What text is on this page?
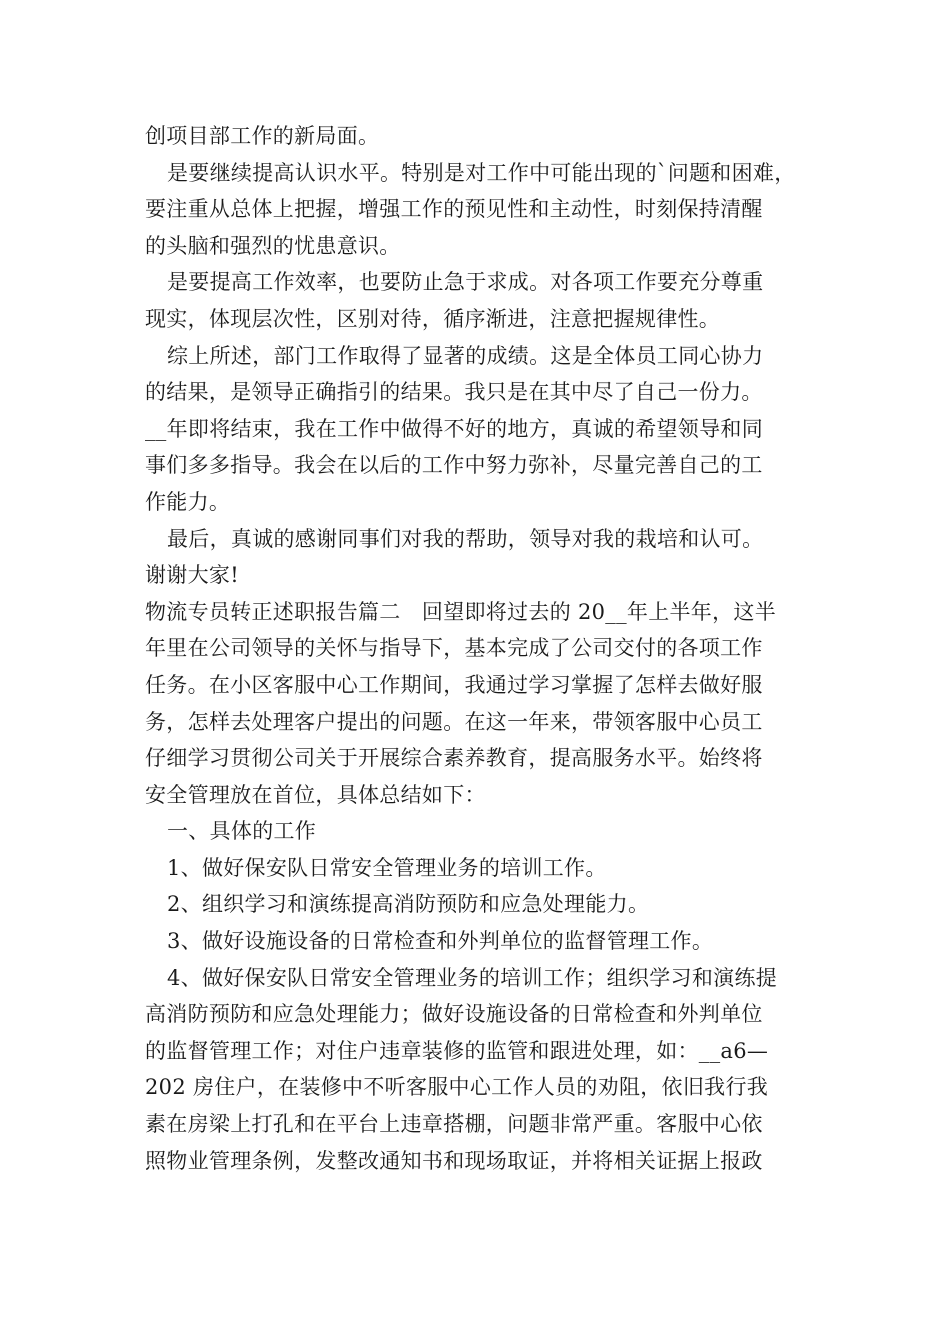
创项目部工作的新局面。
是要继续提高认识水平。特别是对工作中可能出现的`问题和困难，
要注重从总体上把握，增强工作的预见性和主动性，时刻保持清醒
的头脑和强烈的忧患意识。
是要提高工作效率，也要防止急于求成。对各项工作要充分尊重
现实，体现层次性，区别对待，循序渐进，注意把握规律性。
综上所述，部门工作取得了显著的成绩。这是全体员工同心协力
的结果，是领导正确指引的结果。我只是在其中尽了自己一份力。
__年即将结束，我在工作中做得不好的地方，真诚的希望领导和同
事们多多指导。我会在以后的工作中努力弥补，尽量完善自己的工
作能力。
最后，真诚的感谢同事们对我的帮助，领导对我的栽培和认可。
谢谢大家!
物流专员转正述职报告篇二　回望即将过去的 20__年上半年，这半
年里在公司领导的关怀与指导下，基本完成了公司交付的各项工作
任务。在小区客服中心工作期间，我通过学习掌握了怎样去做好服
务，怎样去处理客户提出的问题。在这一年来，带领客服中心员工
仔细学习贯彻公司关于开展综合素养教育，提高服务水平。始终将
安全管理放在首位，具体总结如下：
一、具体的工作
1、做好保安队日常安全管理业务的培训工作。
2、组织学习和演练提高消防预防和应急处理能力。
3、做好设施设备的日常检查和外判单位的监督管理工作。
4、做好保安队日常安全管理业务的培训工作；组织学习和演练提
高消防预防和应急处理能力；做好设施设备的日常检查和外判单位
的监督管理工作；对住户违章装修的监管和跟进处理，如：__a6—
202 房住户，在装修中不听客服中心工作人员的劝阻，依旧我行我
素在房梁上打孔和在平台上违章搭棚，问题非常严重。客服中心依
照物业管理条例，发整改通知书和现场取证，并将相关证据上报政
